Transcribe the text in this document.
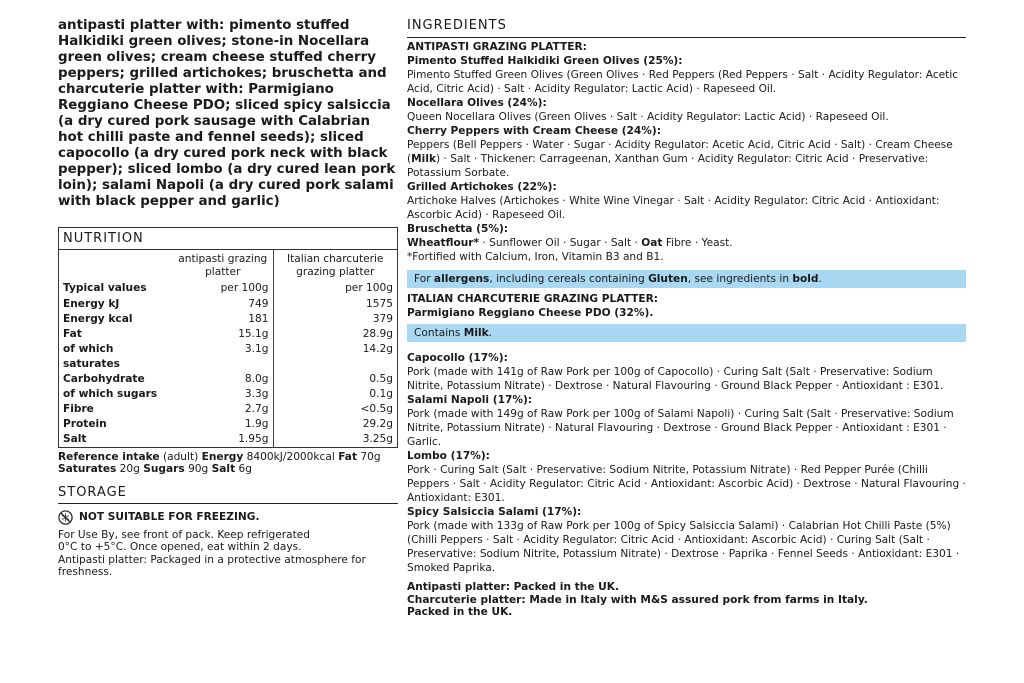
antipasti platter with: pimento stuffed Halkidiki green olives; stone-in Nocellara green olives; cream cheese stuffed cherry peppers; grilled artichokes; bruschetta and charcuterie platter with: Parmigiano Reggiano Cheese PDO; sliced spicy salsiccia (a dry cured pork sausage with Calabrian hot chilli paste and fennel seeds); sliced capocollo (a dry cured pork neck with black pepper); sliced lombo (a dry cured lean pork loin); salami Napoli (a dry cured pork salami with black pepper and garlic)
NUTRITION
	antipasti grazing platter	Italian charcuterie grazing platter
Typical values	per 100g	per 100g
Energy kJ	749	1575
Energy kcal	181	379
Fat	15.1g	28.9g
of which saturates	3.1g	14.2g
Carbohydrate	8.0g	0.5g
of which sugars	3.3g	0.1g
Fibre	2.7g	<0.5g
Protein	1.9g	29.2g
Salt	1.95g	3.25g
Reference intake (adult) Energy 8400kJ/2000kcal Fat 70g
Saturates 20g Sugars 90g Salt 6g
STORAGE
NOT SUITABLE FOR FREEZING.
For Use By, see front of pack. Keep refrigerated
0°C to +5°C. Once opened, eat within 2 days.
Antipasti platter: Packaged in a protective atmosphere for freshness.
INGREDIENTS

ANTIPASTI GRAZING PLATTER:

Pimento Stuffed Halkidiki Green Olives (25%):

Pimento Stuffed Green Olives (Green Olives · Red Peppers (Red Peppers · Salt · Acidity Regulator: Acetic Acid, Citric Acid) · Salt · Acidity Regulator: Lactic Acid) · Rapeseed Oil.

Nocellara Olives (24%):

Queen Nocellara Olives (Green Olives · Salt · Acidity Regulator: Lactic Acid) · Rapeseed Oil.

Cherry Peppers with Cream Cheese (24%):

Peppers (Bell Peppers · Water · Sugar · Acidity Regulator: Acetic Acid, Citric Acid · Salt) · Cream Cheese (Milk) · Salt · Thickener: Carrageenan, Xanthan Gum · Acidity Regulator: Citric Acid · Preservative: Potassium Sorbate.

Grilled Artichokes (22%):

Artichoke Halves (Artichokes · White Wine Vinegar · Salt · Acidity Regulator: Citric Acid · Antioxidant: Ascorbic Acid) · Rapeseed Oil.

Bruschetta (5%):

Wheatflour* · Sunflower Oil · Sugar · Salt · Oat Fibre · Yeast.

*Fortified with Calcium, Iron, Vitamin B3 and B1.

For allergens, including cereals containing Gluten, see ingredients in bold.

ITALIAN CHARCUTERIE GRAZING PLATTER:

Parmigiano Reggiano Cheese PDO (32%).

Contains Milk.

Capocollo (17%):

Pork (made with 141g of Raw Pork per 100g of Capocollo) · Curing Salt (Salt · Preservative: Sodium Nitrite, Potassium Nitrate) · Dextrose · Natural Flavouring · Ground Black Pepper · Antioxidant : E301.

Salami Napoli (17%):

Pork (made with 149g of Raw Pork per 100g of Salami Napoli) · Curing Salt (Salt · Preservative: Sodium Nitrite, Potassium Nitrate) · Natural Flavouring · Dextrose · Ground Black Pepper · Antioxidant : E301 · Garlic.

Lombo (17%):

Pork · Curing Salt (Salt · Preservative: Sodium Nitrite, Potassium Nitrate) · Red Pepper Purée (Chilli Peppers · Salt · Acidity Regulator: Citric Acid · Antioxidant: Ascorbic Acid) · Dextrose · Natural Flavouring · Antioxidant: E301.

Spicy Salsiccia Salami (17%):

Pork (made with 133g of Raw Pork per 100g of Spicy Salsiccia Salami) · Calabrian Hot Chilli Paste (5%) (Chilli Peppers · Salt · Acidity Regulator: Citric Acid · Antioxidant: Ascorbic Acid) · Curing Salt (Salt · Preservative: Sodium Nitrite, Potassium Nitrate) · Dextrose · Paprika · Fennel Seeds · Antioxidant: E301 · Smoked Paprika.

Antipasti platter: Packed in the UK.
Charcuterie platter: Made in Italy with M&S assured pork from farms in Italy.
Packed in the UK.
